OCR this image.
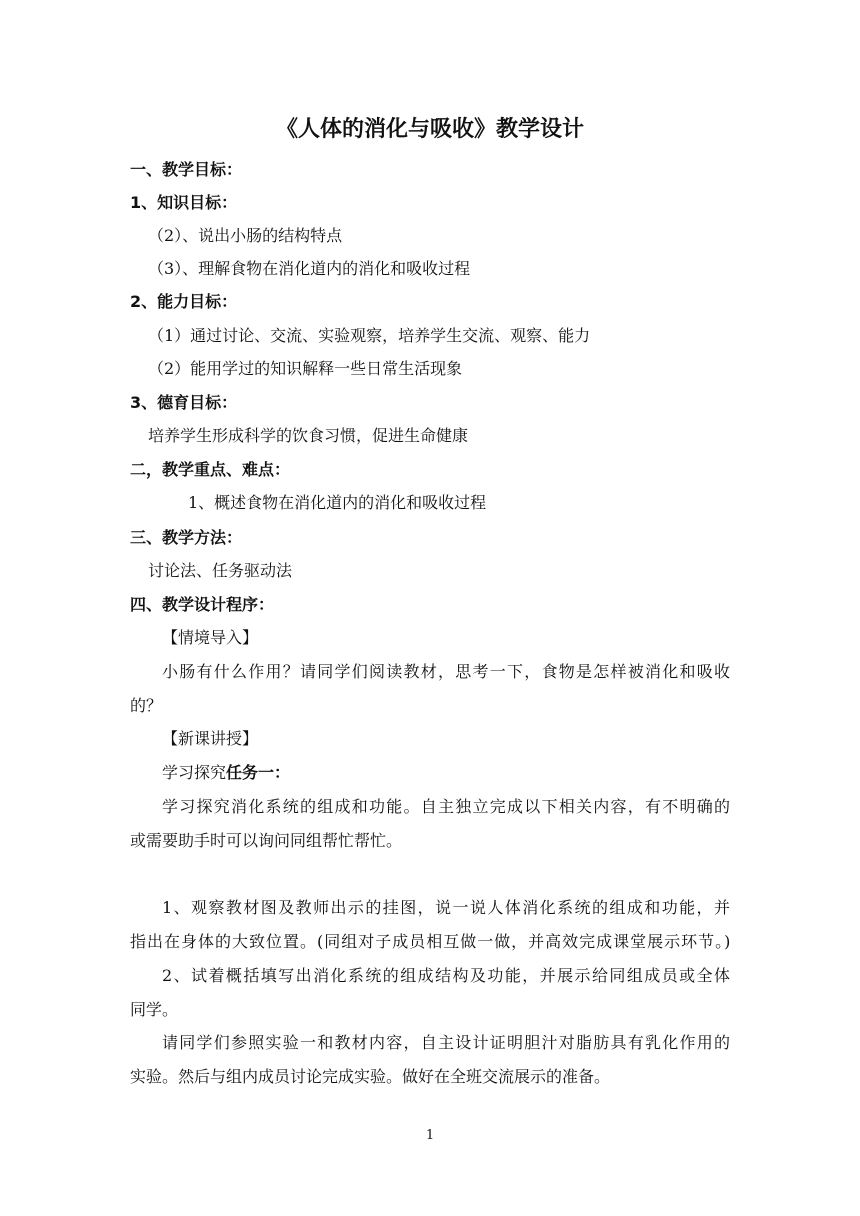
《人体的消化与吸收》教学设计
一、教学目标：
1、知识目标：
（2）、说出小肠的结构特点
（3）、理解食物在消化道内的消化和吸收过程
2、能力目标：
（1）通过讨论、交流、实验观察，培养学生交流、观察、能力
（2）能用学过的知识解释一些日常生活现象
3、德育目标：
培养学生形成科学的饮食习惯，促进生命健康
二，教学重点、难点：
1、概述食物在消化道内的消化和吸收过程
三、教学方法：
讨论法、任务驱动法
四、教学设计程序：
【情境导入】
小肠有什么作用？请同学们阅读教材，思考一下，食物是怎样被消化和吸收
的？
【新课讲授】
学习探究任务一：
学习探究消化系统的组成和功能。自主独立完成以下相关内容，有不明确的
或需要助手时可以询问同组帮忙帮忙。
1、观察教材图及教师出示的挂图，说一说人体消化系统的组成和功能，并
指出在身体的大致位置。(同组对子成员相互做一做，并高效完成课堂展示环节。)
2、试着概括填写出消化系统的组成结构及功能，并展示给同组成员或全体
同学。
请同学们参照实验一和教材内容，自主设计证明胆汁对脂肪具有乳化作用的
实验。然后与组内成员讨论完成实验。做好在全班交流展示的准备。
1
